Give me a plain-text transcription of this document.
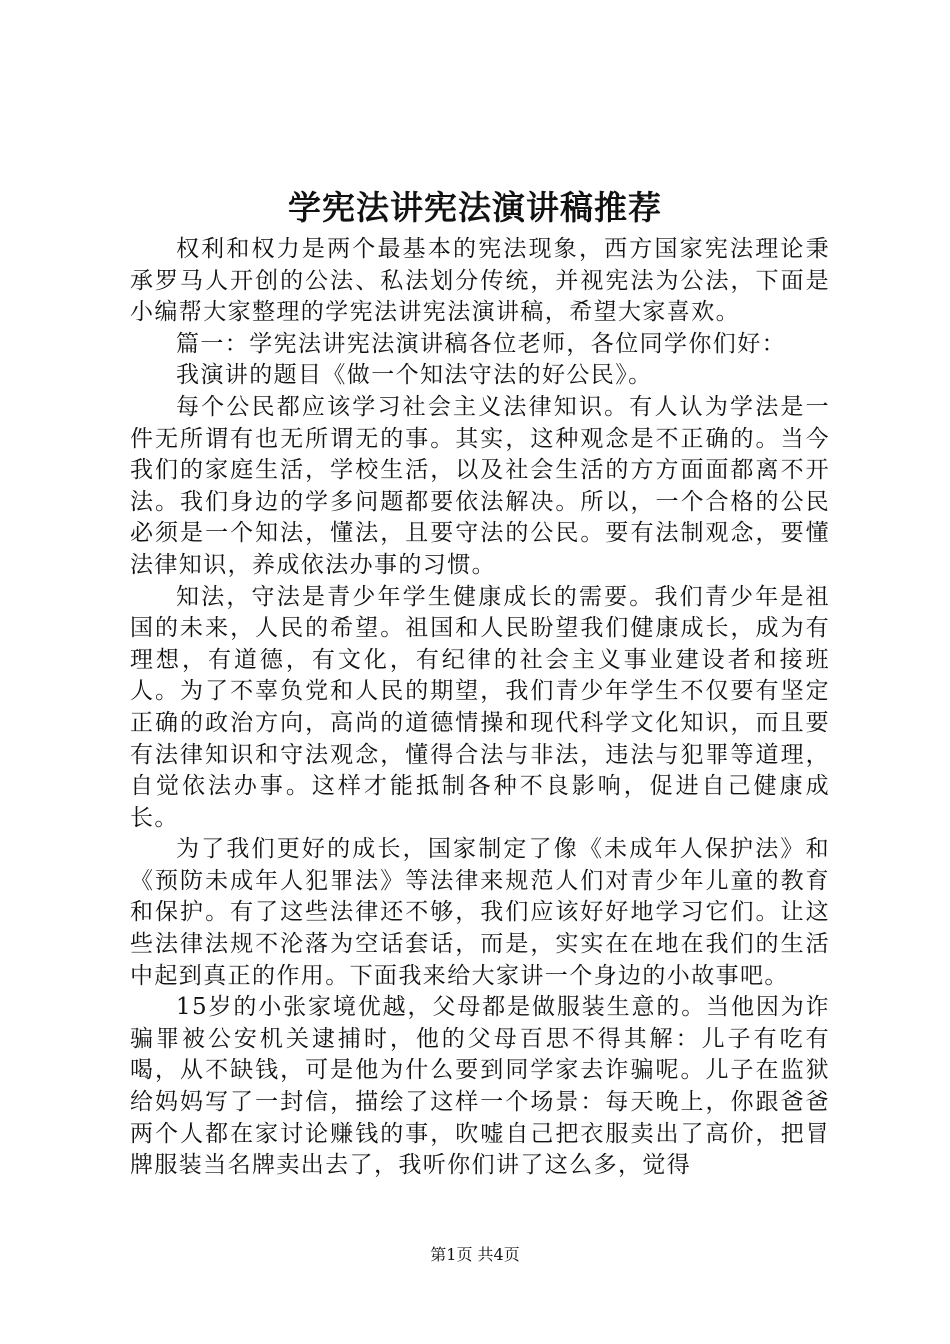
学宪法讲宪法演讲稿推荐

权利和权力是两个最基本的宪法现象，西方国家宪法理论秉承罗马人开创的公法、私法划分传统，并视宪法为公法，下面是小编帮大家整理的学宪法讲宪法演讲稿，希望大家喜欢。

篇一：学宪法讲宪法演讲稿各位老师，各位同学你们好：

我演讲的题目《做一个知法守法的好公民》。

每个公民都应该学习社会主义法律知识。有人认为学法是一件无所谓有也无所谓无的事。其实，这种观念是不正确的。当今我们的家庭生活，学校生活，以及社会生活的方方面面都离不开法。我们身边的学多问题都要依法解决。所以，一个合格的公民必须是一个知法，懂法，且要守法的公民。要有法制观念，要懂法律知识，养成依法办事的习惯。

知法，守法是青少年学生健康成长的需要。我们青少年是祖国的未来，人民的希望。祖国和人民盼望我们健康成长，成为有理想，有道德，有文化，有纪律的社会主义事业建设者和接班人。为了不辜负党和人民的期望，我们青少年学生不仅要有坚定正确的政治方向，高尚的道德情操和现代科学文化知识，而且要有法律知识和守法观念，懂得合法与非法，违法与犯罪等道理，自觉依法办事。这样才能抵制各种不良影响，促进自己健康成长。

为了我们更好的成长，国家制定了像《未成年人保护法》和《预防未成年人犯罪法》等法律来规范人们对青少年儿童的教育和保护。有了这些法律还不够，我们应该好好地学习它们。让这些法律法规不沦落为空话套话，而是，实实在在地在我们的生活中起到真正的作用。下面我来给大家讲一个身边的小故事吧。

15岁的小张家境优越，父母都是做服装生意的。当他因为诈骗罪被公安机关逮捕时，他的父母百思不得其解：儿子有吃有喝，从不缺钱，可是他为什么要到同学家去诈骗呢。儿子在监狱给妈妈写了一封信，描绘了这样一个场景：每天晚上，你跟爸爸两个人都在家讨论赚钱的事，吹嘘自己把衣服卖出了高价，把冒牌服装当名牌卖出去了，我听你们讲了这么多，觉得

第1页 共4页
